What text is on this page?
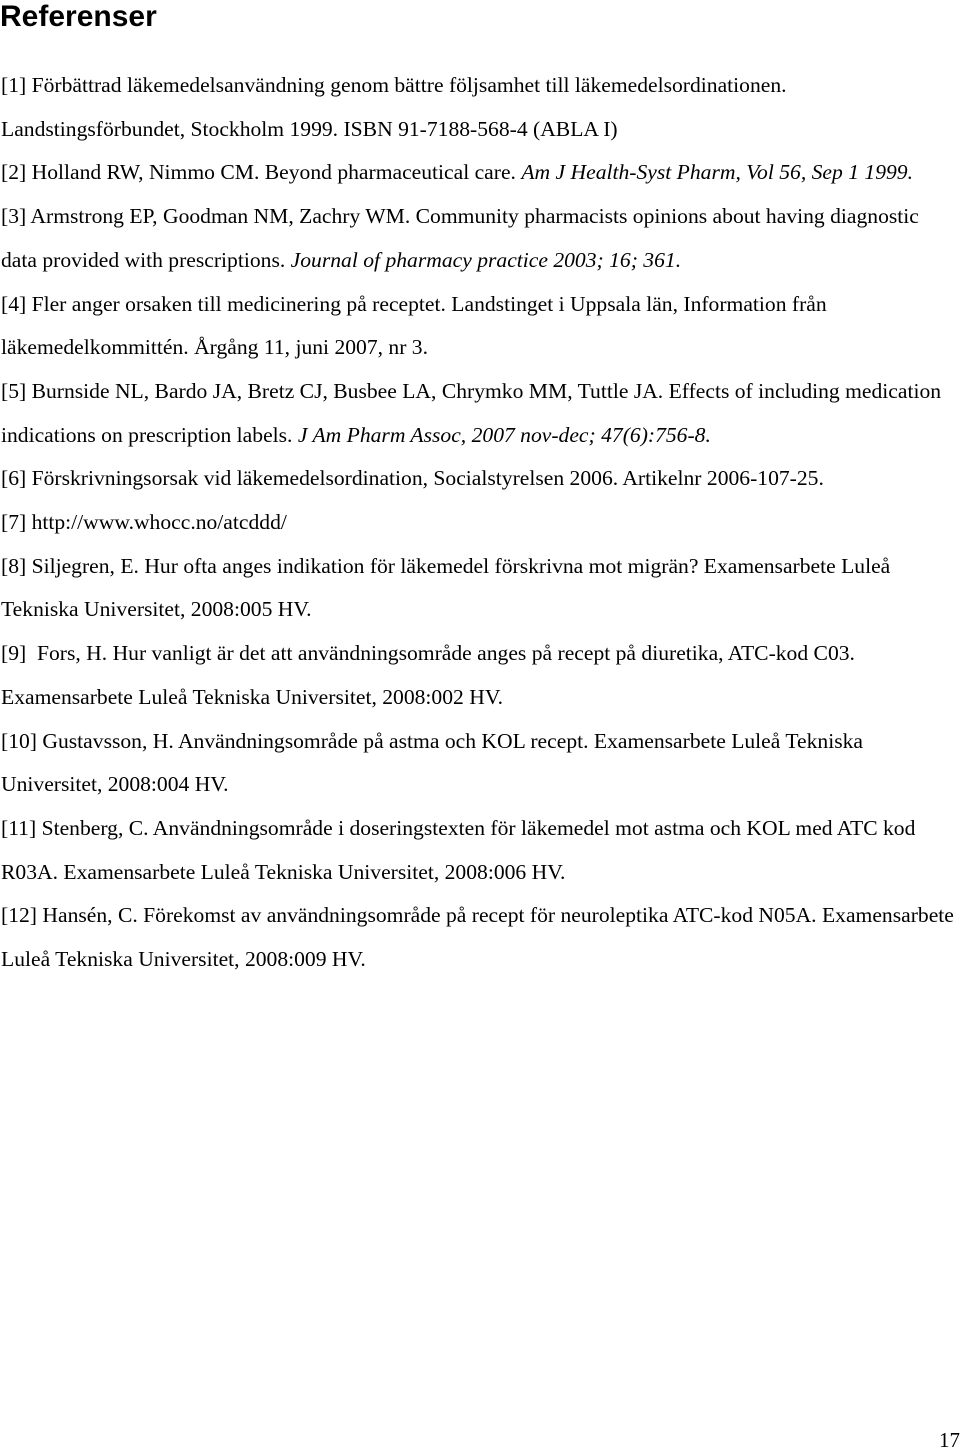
Referenser

[1] Förbättrad läkemedelsanvändning genom bättre följsamhet till läkemedelsordinationen. Landstingsförbundet, Stockholm 1999. ISBN 91-7188-568-4 (ABLA I)

[2] Holland RW, Nimmo CM. Beyond pharmaceutical care. Am J Health-Syst Pharm, Vol 56, Sep 1 1999.

[3] Armstrong EP, Goodman NM, Zachry WM. Community pharmacists opinions about having diagnostic data provided with prescriptions. Journal of pharmacy practice 2003; 16; 361.

[4] Fler anger orsaken till medicinering på receptet. Landstinget i Uppsala län, Information från läkemedelkommittén. Årgång 11, juni 2007, nr 3.

[5] Burnside NL, Bardo JA, Bretz CJ, Busbee LA, Chrymko MM, Tuttle JA. Effects of including medication indications on prescription labels. J Am Pharm Assoc, 2007 nov-dec; 47(6):756-8.

[6] Förskrivningsorsak vid läkemedelsordination, Socialstyrelsen 2006. Artikelnr 2006-107-25.

[7] http://www.whocc.no/atcddd/

[8] Siljegren, E. Hur ofta anges indikation för läkemedel förskrivna mot migrän? Examensarbete Luleå Tekniska Universitet, 2008:005 HV.

[9]  Fors, H. Hur vanligt är det att användningsområde anges på recept på diuretika, ATC-kod C03. Examensarbete Luleå Tekniska Universitet, 2008:002 HV.

[10] Gustavsson, H. Användningsområde på astma och KOL recept. Examensarbete Luleå Tekniska Universitet, 2008:004 HV.

[11] Stenberg, C. Användningsområde i doseringstexten för läkemedel mot astma och KOL med ATC kod R03A. Examensarbete Luleå Tekniska Universitet, 2008:006 HV.

[12] Hansén, C. Förekomst av användningsområde på recept för neuroleptika ATC-kod N05A. Examensarbete Luleå Tekniska Universitet, 2008:009 HV.

17
